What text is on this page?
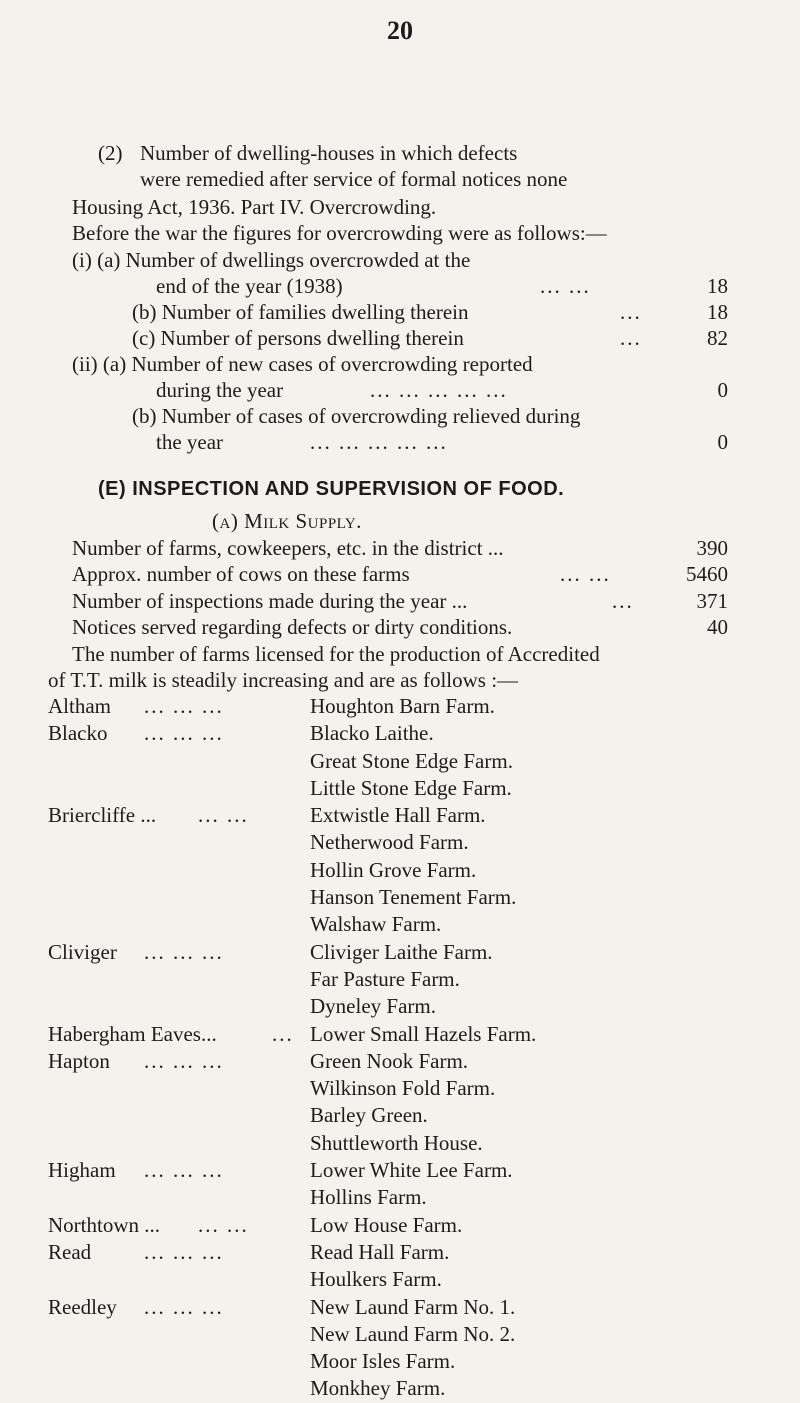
20
(2) Number of dwelling-houses in which defects
were remedied after service of formal notices none
Housing Act, 1936. Part IV. Overcrowding.
Before the war the figures for overcrowding were as follows:—
(i) (a) Number of dwellings overcrowded at the
end of the year (1938)	... ...	18
(b) Number of families dwelling therein	...	18
(c) Number of persons dwelling therein	...	82
(ii) (a) Number of new cases of overcrowding reported
during the year	... ... ... ... ...	0
(b) Number of cases of overcrowding relieved during
the year	... ... ... ... ...	0
(E) INSPECTION AND SUPERVISION OF FOOD.
(a) Milk Supply.
Number of farms, cowkeepers, etc. in the district ...	390
Approx. number of cows on these farms	... ...	5460
Number of inspections made during the year ...	...	371
Notices served regarding defects or dirty conditions.	40
The number of farms licensed for the production of Accredited
of T.T. milk is steadily increasing and are as follows :—
Altham ... ... ...	Houghton Barn Farm.
Blacko ... ... ...	Blacko Laithe.
Great Stone Edge Farm.
Little Stone Edge Farm.
Briercliffe ... ... ...	Extwistle Hall Farm.
Netherwood Farm.
Hollin Grove Farm.
Hanson Tenement Farm.
Walshaw Farm.
Cliviger ... ... ...	Cliviger Laithe Farm.
Far Pasture Farm.
Dyneley Farm.
Habergham Eaves...	... Lower Small Hazels Farm.
Hapton ... ... ...	Green Nook Farm.
Wilkinson Fold Farm.
Barley Green.
Shuttleworth House.
Higham ... ... ...	Lower White Lee Farm.
Hollins Farm.
Northtown ... ... ...	Low House Farm.
Read	... ... ...	Read Hall Farm.
Houlkers Farm.
Reedley ... ... ...	New Laund Farm No. 1.
New Laund Farm No. 2.
Moor Isles Farm.
Monkhey Farm.
